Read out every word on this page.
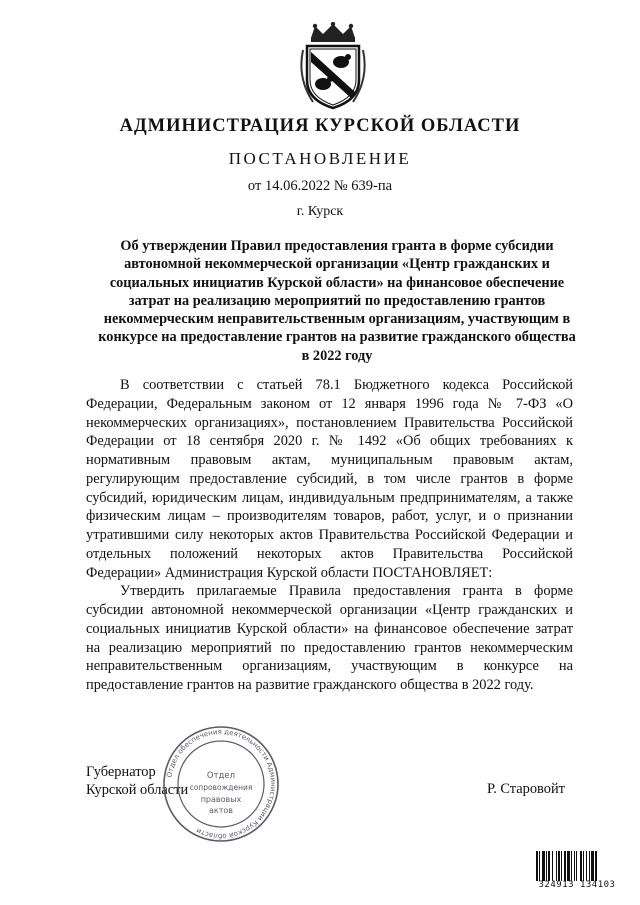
АДМИНИСТРАЦИЯ КУРСКОЙ ОБЛАСТИ
ПОСТАНОВЛЕНИЕ
от 14.06.2022 № 639-па
г. Курск

Об утверждении Правил предоставления гранта в форме субсидии автономной некоммерческой организации «Центр гражданских и социальных инициатив Курской области» на финансовое обеспечение затрат на реализацию мероприятий по предоставлению грантов некоммерческим неправительственным организациям, участвующим в конкурсе на предоставление грантов на развитие гражданского общества в 2022 году

В соответствии с статьей 78.1 Бюджетного кодекса Российской Федерации, Федеральным законом от 12 января 1996 года № 7-ФЗ «О некоммерческих организациях», постановлением Правительства Российской Федерации от 18 сентября 2020 г. № 1492 «Об общих требованиях к нормативным правовым актам, муниципальным правовым актам, регулирующим предоставление субсидий, в том числе грантов в форме субсидий, юридическим лицам, индивидуальным предпринимателям, а также физическим лицам – производителям товаров, работ, услуг, и о признании утратившими силу некоторых актов Правительства Российской Федерации и отдельных положений некоторых актов Правительства Российской Федерации» Администрация Курской области ПОСТАНОВЛЯЕТ:

Утвердить прилагаемые Правила предоставления гранта в форме субсидии автономной некоммерческой организации «Центр гражданских и социальных инициатив Курской области» на финансовое обеспечение затрат на реализацию мероприятий по предоставлению грантов некоммерческим неправительственным организациям, участвующим в конкурсе на предоставление грантов на развитие гражданского общества в 2022 году.

Губернатор
Курской области	Р. Старовойт
Отдел обеспечения деятельности Администрации Курской области
Отдел
сопровождения
правовых
актов
324913 134103
